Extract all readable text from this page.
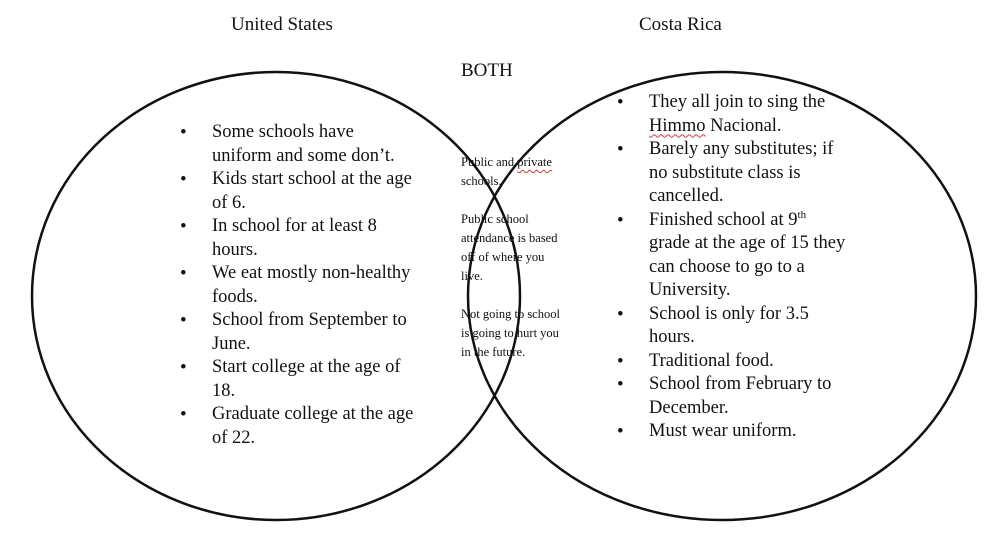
United States	Costa Rica
BOTH
• Some schools have uniform and some don’t.
• Kids start school at the age of 6.
• In school for at least 8 hours.
• We eat mostly non-healthy foods.
• School from September to June.
• Start college at the age of 18.
• Graduate college at the age of 22.
• They all join to sing the Himmo Nacional.
• Barely any substitutes; if no substitute class is cancelled.
• Finished school at 9th grade at the age of 15 they can choose to go to a University.
• School is only for 3.5 hours.
• Traditional food.
• School from February to December.
• Must wear uniform.
Public and private schools.
Public school attendance is based off of where you live.
Not going to school is going to hurt you in the future.
